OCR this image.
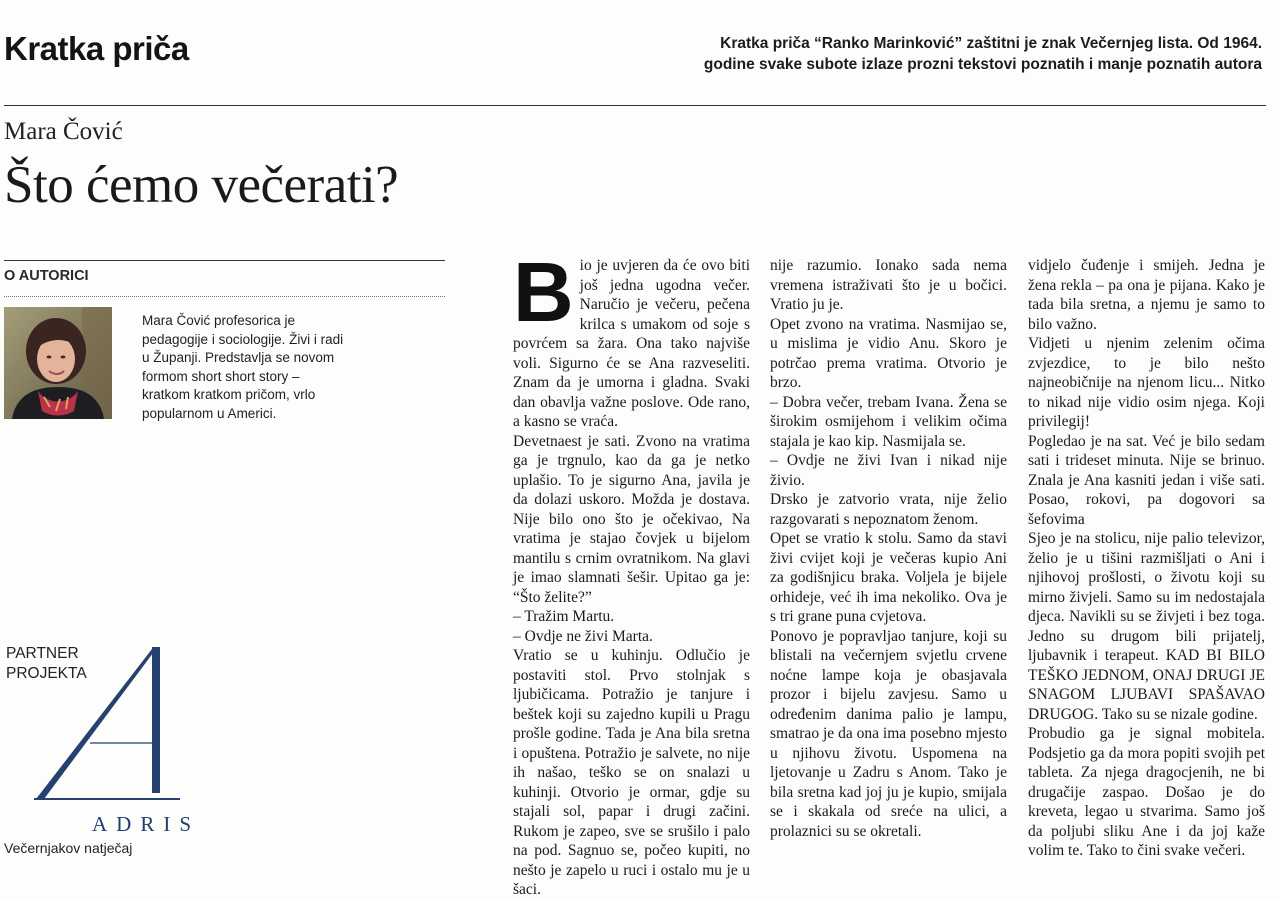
Kratka priča	Kratka priča “Ranko Marinković” zaštitni je znak Večernjeg lista. Od 1964.
godine svake subote izlaze prozni tekstovi poznatih i manje poznatih autora
Mara Čović
Što ćemo večerati?
O AUTORICI
Mara Čović profesorica je
pedagogije i sociologije. Živi i radi
u Županji. Predstavlja se novom
formom short short story –
kratkom kratkom pričom, vrlo
popularnom u Americi.
PARTNER
PROJEKTA
ADRIS
Večernjakov natječaj
B io je uvjeren da će ovo biti još jedna ugodna večer. Naručio je večeru, pečena krilca s umakom od soje s povrćem sa žara. Ona tako najviše voli. Sigurno će se Ana razveseliti. Znam da je umorna i gladna. Svaki dan obavlja važne poslove. Ode rano, a kasno se vraća.

Devetnaest je sati. Zvono na vratima ga je trgnulo, kao da ga je netko uplašio. To je sigurno Ana, javila je da dolazi uskoro. Možda je dostava. Nije bilo ono što je očekivao, Na vratima je stajao čovjek u bijelom mantilu s crnim ovratnikom. Na glavi je imao slamnati šešir. Upitao ga je: “Što želite?”

– Tražim Martu.

– Ovdje ne živi Marta.

Vratio se u kuhinju. Odlučio je postaviti stol. Prvo stolnjak s ljubičicama. Potražio je tanjure i beštek koji su zajedno kupili u Pragu prošle godine. Tada je Ana bila sretna i opuštena. Potražio je salvete, no nije ih našao, teško se on snalazi u kuhinji. Otvorio je ormar, gdje su stajali sol, papar i drugi začini. Rukom je zapeo, sve se srušilo i palo na pod. Sagnuo se, počeo kupiti, no nešto je zapelo u ruci i ostalo mu je u šaci.

nije razumio. Ionako sada nema vremena istraživati što je u bočici. Vratio ju je.

Opet zvono na vratima. Nasmijao se, u mislima je vidio Anu. Skoro je potrčao prema vratima. Otvorio je brzo.

– Dobra večer, trebam Ivana. Žena se širokim osmijehom i velikim očima stajala je kao kip. Nasmijala se.

– Ovdje ne živi Ivan i nikad nije živio.

Drsko je zatvorio vrata, nije želio razgovarati s nepoznatom ženom.

Opet se vratio k stolu. Samo da stavi živi cvijet koji je večeras kupio Ani za godišnjicu braka. Voljela je bijele orhideje, već ih ima nekoliko. Ova je s tri grane puna cvjetova.

Ponovo je popravljao tanjure, koji su blistali na večernjem svjetlu crvene noćne lampe koja je obasjavala prozor i bijelu zavjesu. Samo u određenim danima palio je lampu, smatrao je da ona ima posebno mjesto u njihovu životu. Uspomena na ljetovanje u Zadru s Anom. Tako je bila sretna kad joj ju je kupio, smijala se i skakala od sreće na ulici, a prolaznici su se okretali.

vidjelo čuđenje i smijeh. Jedna je žena rekla – pa ona je pijana. Kako je tada bila sretna, a njemu je samo to bilo važno.

Vidjeti u njenim zelenim očima zvjezdice, to je bilo nešto najneobičnije na njenom licu... Nitko to nikad nije vidio osim njega. Koji privilegij!

Pogledao je na sat. Već je bilo sedam sati i trideset minuta. Nije se brinuo. Znala je Ana kasniti jedan i više sati. Posao, rokovi, pa dogovori sa šefovima

Sjeo je na stolicu, nije palio televizor, želio je u tišini razmišljati o Ani i njihovoj prošlosti, o životu koji su mirno živjeli. Samo su im nedostajala djeca. Navikli su se živjeti i bez toga. Jedno su drugom bili prijatelj, ljubavnik i terapeut. KAD BI BILO TEŠKO JEDNOM, ONAJ DRUGI JE SNAGOM LJUBAVI SPAŠAVAO DRUGOG. Tako su se nizale godine.

Probudio ga je signal mobitela. Podsjetio ga da mora popiti svojih pet tableta. Za njega dragocjenih, ne bi drugačije zaspao. Došao je do kreveta, legao u stvarima. Samo još da poljubi sliku Ane i da joj kaže volim te. Tako to čini svake večeri.
